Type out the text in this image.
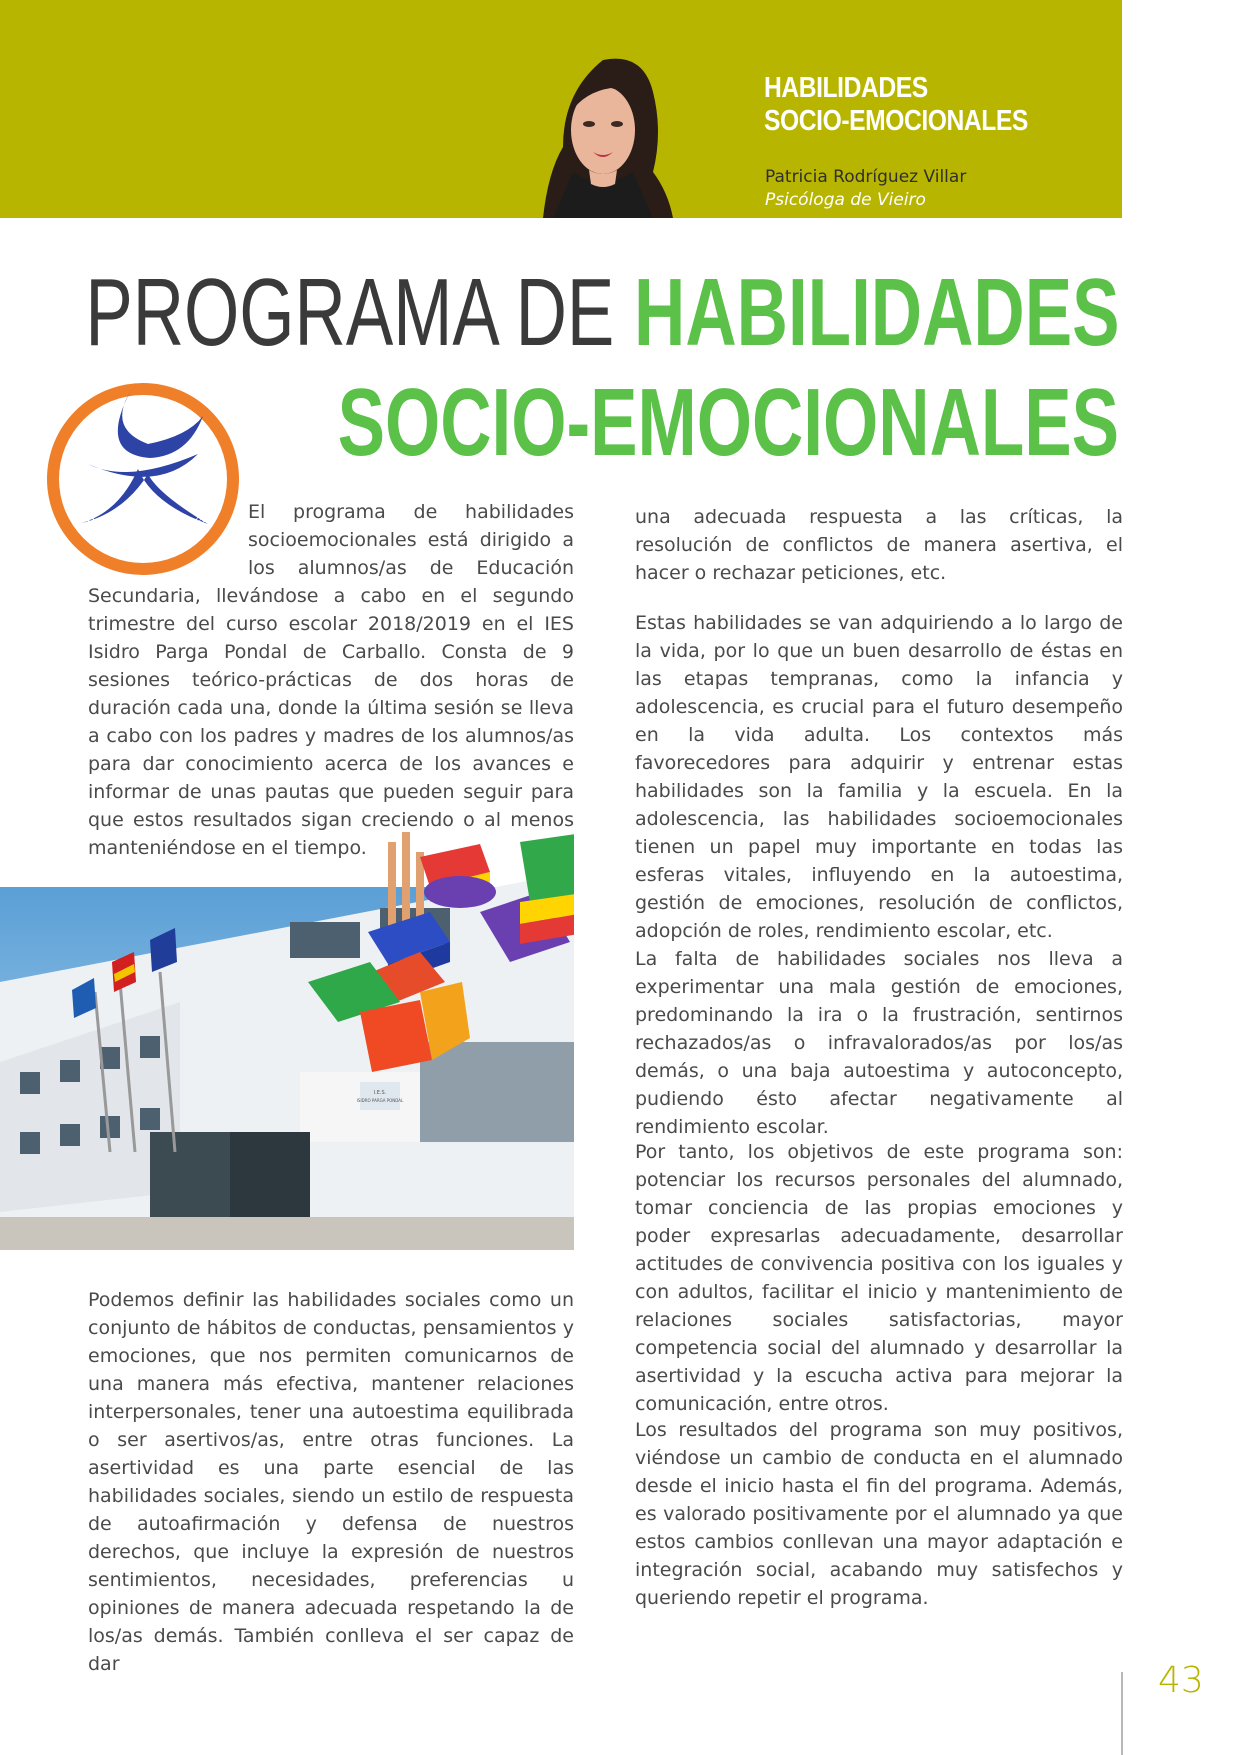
HABILIDADES
SOCIO-EMOCIONALES
Patricia Rodríguez Villar
Psicóloga de Vieiro
PROGRAMA DE HABILIDADES
SOCIO-EMOCIONALES
IES Isidro Parga Pondal	El programa de habilidades socioemocionales está dirigido a los alumnos/as de Educación Secundaria, llevándose a cabo en el segundo trimestre del curso escolar 2018/2019 en el IES Isidro Parga Pondal de Carballo. Consta de 9 sesiones teórico-prácticas de dos horas de duración cada una, donde la última sesión se lleva a cabo con los padres y madres de los alumnos/as para dar conocimiento acerca de los avances e informar de unas pautas que pueden seguir para que estos resultados sigan creciendo o al menos manteniéndose en el tiempo.

I.E.S.
ISIDRO PARGA PONDAL

Podemos definir las habilidades sociales como un conjunto de hábitos de conductas, pensamientos y emociones, que nos permiten comunicarnos de una manera más efectiva, mantener relaciones interpersonales, tener una autoestima equilibrada o ser asertivos/as, entre otras funciones. La asertividad es una parte esencial de las habilidades sociales, siendo un estilo de respuesta de autoafirmación y defensa de nuestros derechos, que incluye la expresión de nuestros sentimientos, necesidades, preferencias u opiniones de manera adecuada respetando la de los/as demás. También conlleva el ser capaz de dar

una adecuada respuesta a las críticas, la resolución de conflictos de manera asertiva, el hacer o rechazar peticiones, etc.

Estas habilidades se van adquiriendo a lo largo de la vida, por lo que un buen desarrollo de éstas en las etapas tempranas, como la infancia y adolescencia, es crucial para el futuro desempeño en la vida adulta. Los contextos más favorecedores para adquirir y entrenar estas habilidades son la familia y la escuela. En la adolescencia, las habilidades socioemocionales tienen un papel muy importante en todas las esferas vitales, influyendo en la autoestima, gestión de emociones, resolución de conflictos, adopción de roles, rendimiento escolar, etc.

La falta de habilidades sociales nos lleva a experimentar una mala gestión de emociones, predominando la ira o la frustración, sentirnos rechazados/as o infravalorados/as por los/as demás, o una baja autoestima y autoconcepto, pudiendo ésto afectar negativamente al rendimiento escolar.

Por tanto, los objetivos de este programa son: potenciar los recursos personales del alumnado, tomar conciencia de las propias emociones y poder expresarlas adecuadamente, desarrollar actitudes de convivencia positiva con los iguales y con adultos, facilitar el inicio y mantenimiento de relaciones sociales satisfactorias, mayor competencia social del alumnado y desarrollar la asertividad y la escucha activa para mejorar la comunicación, entre otros.

Los resultados del programa son muy positivos, viéndose un cambio de conducta en el alumnado desde el inicio hasta el fin del programa. Además, es valorado positivamente por el alumnado ya que estos cambios conllevan una mayor adaptación e integración social, acabando muy satisfechos y queriendo repetir el programa.

43
